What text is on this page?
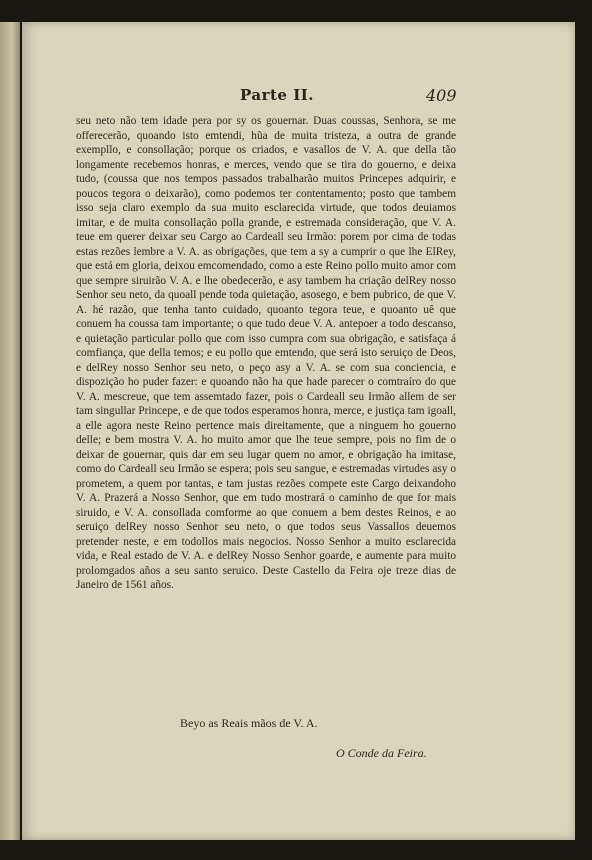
Parte II.	409

seu neto não tem idade pera por sy os gouernar. Duas coussas, Senhora, se me offerecerão, quoando isto emtendi, hũa de muita tristeza, a outra de grande exempllo, e consollação; porque os criados, e vasallos de V. A. que della tão longamente recebemos honras, e merces, vendo que se tira do gouerno, e deixa tudo, (coussa que nos tempos passados trabalharão muitos Princepes adquirir, e poucos tegora o deixarão), como podemos ter contentamento; posto que tambem isso seja claro exemplo da sua muito esclarecida virtude, que todos deuiamos imitar, e de muita consollação polla grande, e estremada consideração, que V. A. teue em querer deixar seu Cargo ao Cardeall seu Irmão: porem por cima de todas estas rezões lembre a V. A. as obrigações, que tem a sy a cumprir o que lhe ElRey, que está em gloria, deixou emcomendado, como a este Reino pollo muito amor com que sempre siruirão V. A. e lhe obedecerão, e asy tambem ha criação delRey nosso Senhor seu neto, da quoall pende toda quietação, asosego, e bem pubrico, de que V. A. hé razão, que tenha tanto cuidado, quoanto tegora teue, e quoanto uê que conuem ha coussa tam importante; o que tudo deue V. A. antepoer a todo descanso, e quietação particular pollo que com isso cumpra com sua obrigação, e satisfaça á comfiança, que della temos; e eu pollo que emtendo, que será isto seruiço de Deos, e delRey nosso Senhor seu neto, o peço asy a V. A. se com sua conciencia, e dispozição ho puder fazer: e quoando não ha que hade parecer o comtraíro do que V. A. mescreue, que tem assemtado fazer, pois o Cardeall seu Irmão allem de ser tam singullar Princepe, e de que todos esperamos honra, merce, e justiça tam igoall, a elle agora neste Reino pertence mais direitamente, que a ninguem ho gouerno delle; e bem mostra V. A. ho muito amor que lhe teue sempre, pois no fim de o deixar de gouernar, quis dar em seu lugar quem no amor, e obrigação ha imitase, como do Cardeall seu Irmão se espera; pois seu sangue, e estremadas virtudes asy o prometem, a quem por tantas, e tam justas rezões compete este Cargo deixandoho V. A. Prazerá a Nosso Senhor, que em tudo mostrará o caminho de que for mais siruido, e V. A. consollada comforme ao que conuem a bem destes Reinos, e ao seruiço delRey nosso Senhor seu neto, o que todos seus Vassallos deuemos pretender neste, e em todollos mais negocios. Nosso Senhor a muito esclarecida vida, e Real estado de V. A. e delRey Nosso Senhor goarde, e aumente para muito prolomgados años a seu santo seruico. Deste Castello da Feira oje treze dias de Janeiro de 1561 años.

Beyo as Reais mãos de V. A.
O Conde da Feira.
